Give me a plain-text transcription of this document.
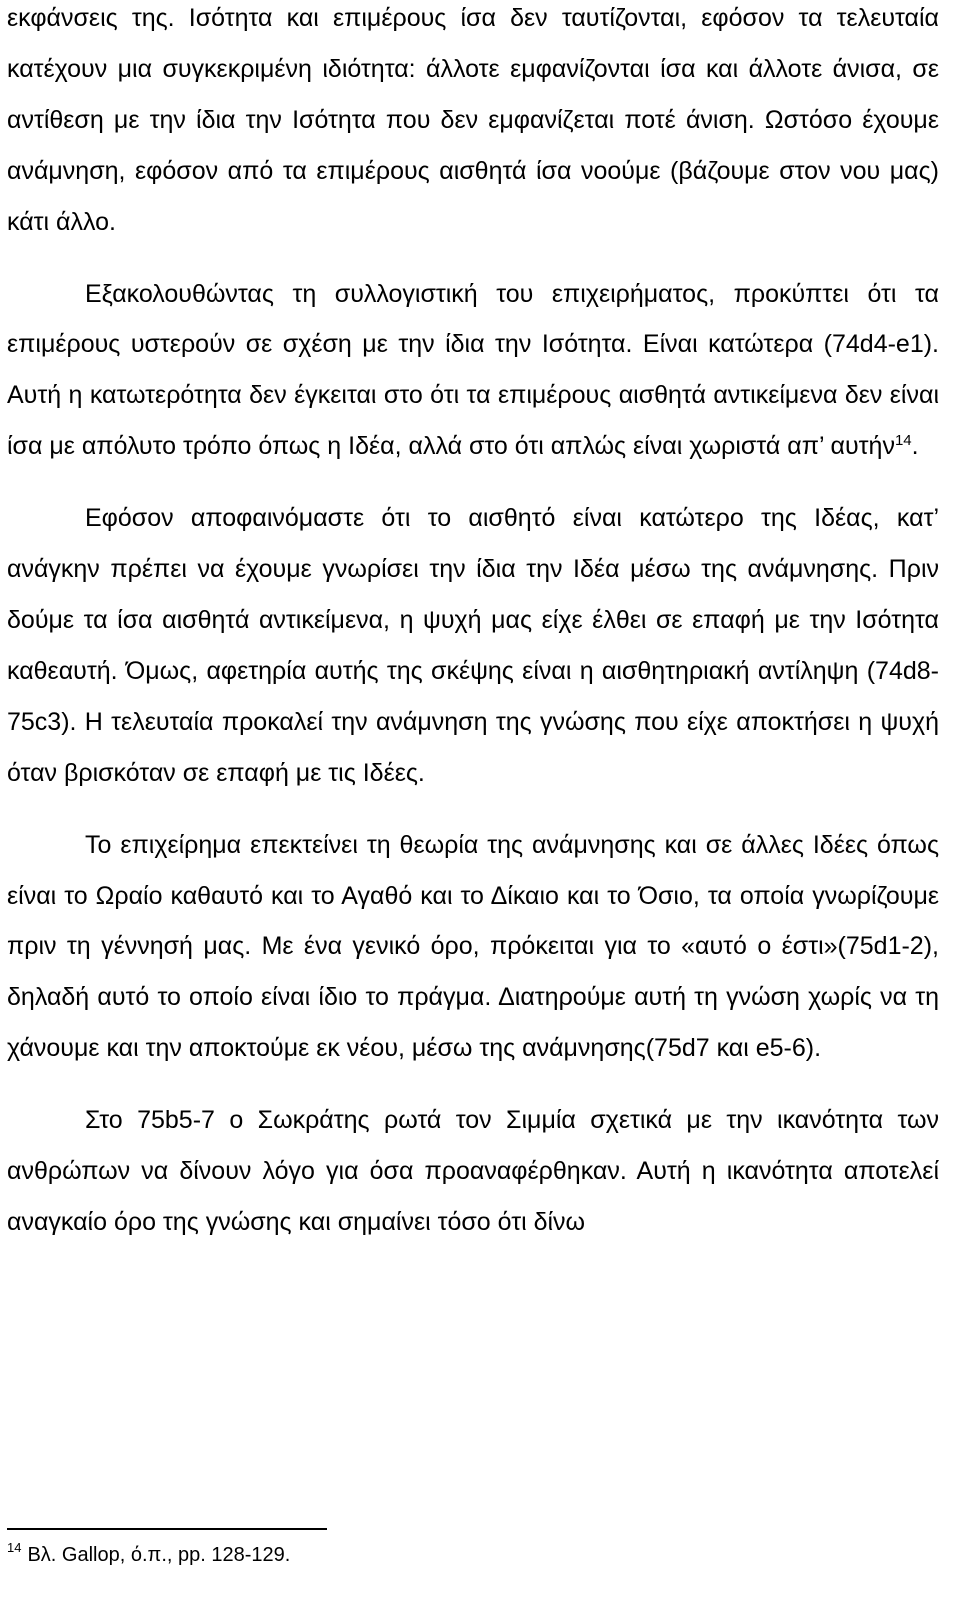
εκφάνσεις της. Ισότητα και επιμέρους ίσα δεν ταυτίζονται, εφόσον τα τελευταία κατέχουν μια συγκεκριμένη ιδιότητα: άλλοτε εμφανίζονται ίσα και άλλοτε άνισα, σε αντίθεση με την ίδια την Ισότητα που δεν εμφανίζεται ποτέ άνιση. Ωστόσο έχουμε ανάμνηση, εφόσον από τα επιμέρους αισθητά ίσα νοούμε (βάζουμε στον νου μας) κάτι άλλο.

Εξακολουθώντας τη συλλογιστική του επιχειρήματος, προκύπτει ότι τα επιμέρους υστερούν σε σχέση με την ίδια την Ισότητα. Είναι κατώτερα (74d4-e1). Αυτή η κατωτερότητα δεν έγκειται στο ότι τα επιμέρους αισθητά αντικείμενα δεν είναι ίσα με απόλυτο τρόπο όπως η Ιδέα, αλλά στο ότι απλώς είναι χωριστά απ’ αυτήν$^{14}$.

Εφόσον αποφαινόμαστε ότι το αισθητό είναι κατώτερο της Ιδέας, κατ’ ανάγκην πρέπει να έχουμε γνωρίσει την ίδια την Ιδέα μέσω της ανάμνησης. Πριν δούμε τα ίσα αισθητά αντικείμενα, η ψυχή μας είχε έλθει σε επαφή με την Ισότητα καθεαυτή. Όμως, αφετηρία αυτής της σκέψης είναι η αισθητηριακή αντίληψη (74d8-75c3). Η τελευταία προκαλεί την ανάμνηση της γνώσης που είχε αποκτήσει η ψυχή όταν βρισκόταν σε επαφή με τις Ιδέες.

Το επιχείρημα επεκτείνει τη θεωρία της ανάμνησης και σε άλλες Ιδέες όπως είναι το Ωραίο καθαυτό και το Αγαθό και το Δίκαιο και το Όσιο, τα οποία γνωρίζουμε πριν τη γέννησή μας. Με ένα γενικό όρο, πρόκειται για το «αυτό ο έστι»(75d1-2), δηλαδή αυτό το οποίο είναι ίδιο το πράγμα. Διατηρούμε αυτή τη γνώση χωρίς να τη χάνουμε και την αποκτούμε εκ νέου, μέσω της ανάμνησης(75d7 και e5-6).

Στο 75b5-7 ο Σωκράτης ρωτά τον Σιμμία σχετικά με την ικανότητα των ανθρώπων να δίνουν λόγο για όσα προαναφέρθηκαν. Αυτή η ικανότητα αποτελεί αναγκαίο όρο της γνώσης και σημαίνει τόσο ότι δίνω

$^{14}$ Βλ. Gallop, ό.π., pp. 128-129.
